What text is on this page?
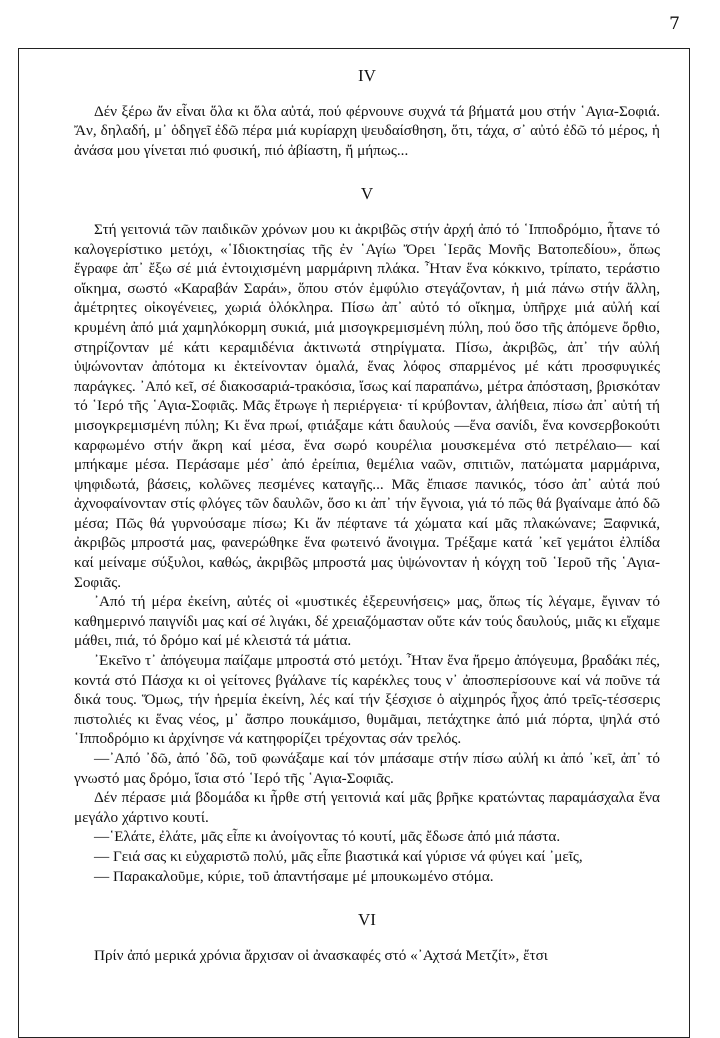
7
IV

Δέν ξέρω ἄν εἶναι ὅλα κι ὅλα αὐτά, πού φέρνουνε συχνά τά βήματά μου στήν ῾Αγια-Σοφιά. Ἄν, δηλαδή, μ᾿ ὁδηγεῖ ἐδῶ πέρα μιά κυρίαρχη ψευδαίσθηση, ὅτι, τάχα, σ᾿ αὐτό ἐδῶ τό μέρος, ἡ ἀνάσα μου γίνεται πιό φυσική, πιό ἀβίαστη, ἤ μήπως...

V

Στή γειτονιά τῶν παιδικῶν χρόνων μου κι ἀκριβῶς στήν ἀρχή ἀπό τό ῾Ιπποδρόμιο, ἦτανε τό καλογερίστικο μετόχι, «῾Ιδιοκτησίας τῆς ἐν ῾Αγίω Ὄρει ῾Ιερᾶς Μονῆς Βατοπεδίου», ὅπως ἔγραφε ἀπ᾿ ἔξω σέ μιά ἐντοιχισμένη μαρμάρινη πλάκα. Ἦταν ἕνα κόκκινο, τρίπατο, τεράστιο οἴκημα, σωστό «Καραβάν Σαράι», ὅπου στόν ἐμφύλιο στεγάζονταν, ἡ μιά πάνω στήν ἄλλη, ἀμέτρητες οἰκογένειες, χωριά ὁλόκληρα. Πίσω ἀπ᾿ αὐτό τό οἴκημα, ὑπῆρχε μιά αὐλή καί κρυμένη ἀπό μιά χαμηλόκορμη συκιά, μιά μισογκρεμισμένη πύλη, πού ὅσο τῆς ἀπόμενε ὄρθιο, στηρίζονταν μέ κάτι κεραμιδένια ἀκτινωτά στηρίγματα. Πίσω, ἀκριβῶς, ἀπ᾿ τήν αὐλή ὑψώνονταν ἀπότομα κι ἐκτείνονταν ὁμαλά, ἕνας λόφος σπαρμένος μέ κάτι προσφυγικές παράγκες. ᾿Από κεῖ, σέ διακοσαριά-τρακόσια, ἴσως καί παραπάνω, μέτρα ἀπόσταση, βρισκόταν τό ῾Ιερό τῆς ῾Αγια-Σοφιᾶς. Μᾶς ἔτρωγε ἡ περιέργεια· τί κρύβονταν, ἀλήθεια, πίσω ἀπ᾿ αὐτή τή μισογκρεμισμένη πύλη; Κι ἕνα πρωί, φτιάξαμε κάτι δαυλούς —ἕνα σανίδι, ἕνα κονσερβοκούτι καρφωμένο στήν ἄκρη καί μέσα, ἕνα σωρό κουρέλια μουσκεμένα στό πετρέλαιο— καί μπήκαμε μέσα. Περάσαμε μέσ᾿ ἀπό ἐρείπια, θεμέλια ναῶν, σπιτιῶν, πατώματα μαρμάρινα, ψηφιδωτά, βάσεις, κολῶνες πεσμένες καταγῆς... Μᾶς ἔπιασε πανικός, τόσο ἀπ᾿ αὐτά πού ἀχνοφαίνονταν στίς φλόγες τῶν δαυλῶν, ὅσο κι ἀπ᾿ τήν ἔγνοια, γιά τό πῶς θά βγαίναμε ἀπό δῶ μέσα; Πῶς θά γυρνούσαμε πίσω; Κι ἄν πέφτανε τά χώματα καί μᾶς πλακώνανε; Ξαφνικά, ἀκριβῶς μπροστά μας, φανερώθηκε ἕνα φωτεινό ἄνοιγμα. Τρέξαμε κατά ᾿κεῖ γεμάτοι ἐλπίδα καί μείναμε σύξυλοι, καθώς, ἀκριβῶς μπροστά μας ὑψώνονταν ἡ κόγχη τοῦ ῾Ιεροῦ τῆς ῾Αγια-Σοφιᾶς.

᾿Από τή μέρα ἐκείνη, αὐτές οἱ «μυστικές ἐξερευνήσεις» μας, ὅπως τίς λέγαμε, ἔγιναν τό καθημερινό παιγνίδι μας καί σέ λιγάκι, δέ χρειαζόμασταν οὔτε κάν τούς δαυλούς, μιᾶς κι εἴχαμε μάθει, πιά, τό δρόμο καί μέ κλειστά τά μάτια.

᾿Εκεῖνο τ᾿ ἀπόγευμα παίζαμε μπροστά στό μετόχι. Ἦταν ἕνα ἤρεμο ἀπόγευμα, βραδάκι πές, κοντά στό Πάσχα κι οἱ γείτονες βγάλανε τίς καρέκλες τους ν᾿ ἀποσπερίσουνε καί νά ποῦνε τά δικά τους. Ὅμως, τήν ἡρεμία ἐκείνη, λές καί τήν ξέσχισε ὁ αἰχμηρός ἦχος ἀπό τρεῖς-τέσσερις πιστολιές κι ἕνας νέος, μ᾿ ἄσπρο πουκάμισο, θυμᾶμαι, πετάχτηκε ἀπό μιά πόρτα, ψηλά στό ῾Ιπποδρόμιο κι ἀρχίνησε νά κατηφορίζει τρέχοντας σάν τρελός.

—᾿Από ᾿δῶ, ἀπό ᾿δῶ, τοῦ φωνάξαμε καί τόν μπάσαμε στήν πίσω αὐλή κι ἀπό ᾿κεῖ, ἀπ᾿ τό γνωστό μας δρόμο, ἴσια στό ῾Ιερό τῆς ῾Αγια-Σοφιᾶς.

Δέν πέρασε μιά βδομάδα κι ἦρθε στή γειτονιά καί μᾶς βρῆκε κρατώντας παραμάσχαλα ἕνα μεγάλο χάρτινο κουτί.

—῾Ελάτε, ἐλάτε, μᾶς εἶπε κι ἀνοίγοντας τό κουτί, μᾶς ἔδωσε ἀπό μιά πάστα.

— Γειά σας κι εὐχαριστῶ πολύ, μᾶς εἶπε βιαστικά καί γύρισε νά φύγει καί ᾿μεῖς,

— Παρακαλοῦμε, κύριε, τοῦ ἀπαντήσαμε μέ μπουκωμένο στόμα.

VI

Πρίν ἀπό μερικά χρόνια ἄρχισαν οἱ ἀνασκαφές στό «᾿Αχτσά Μετζίτ», ἔτσι
